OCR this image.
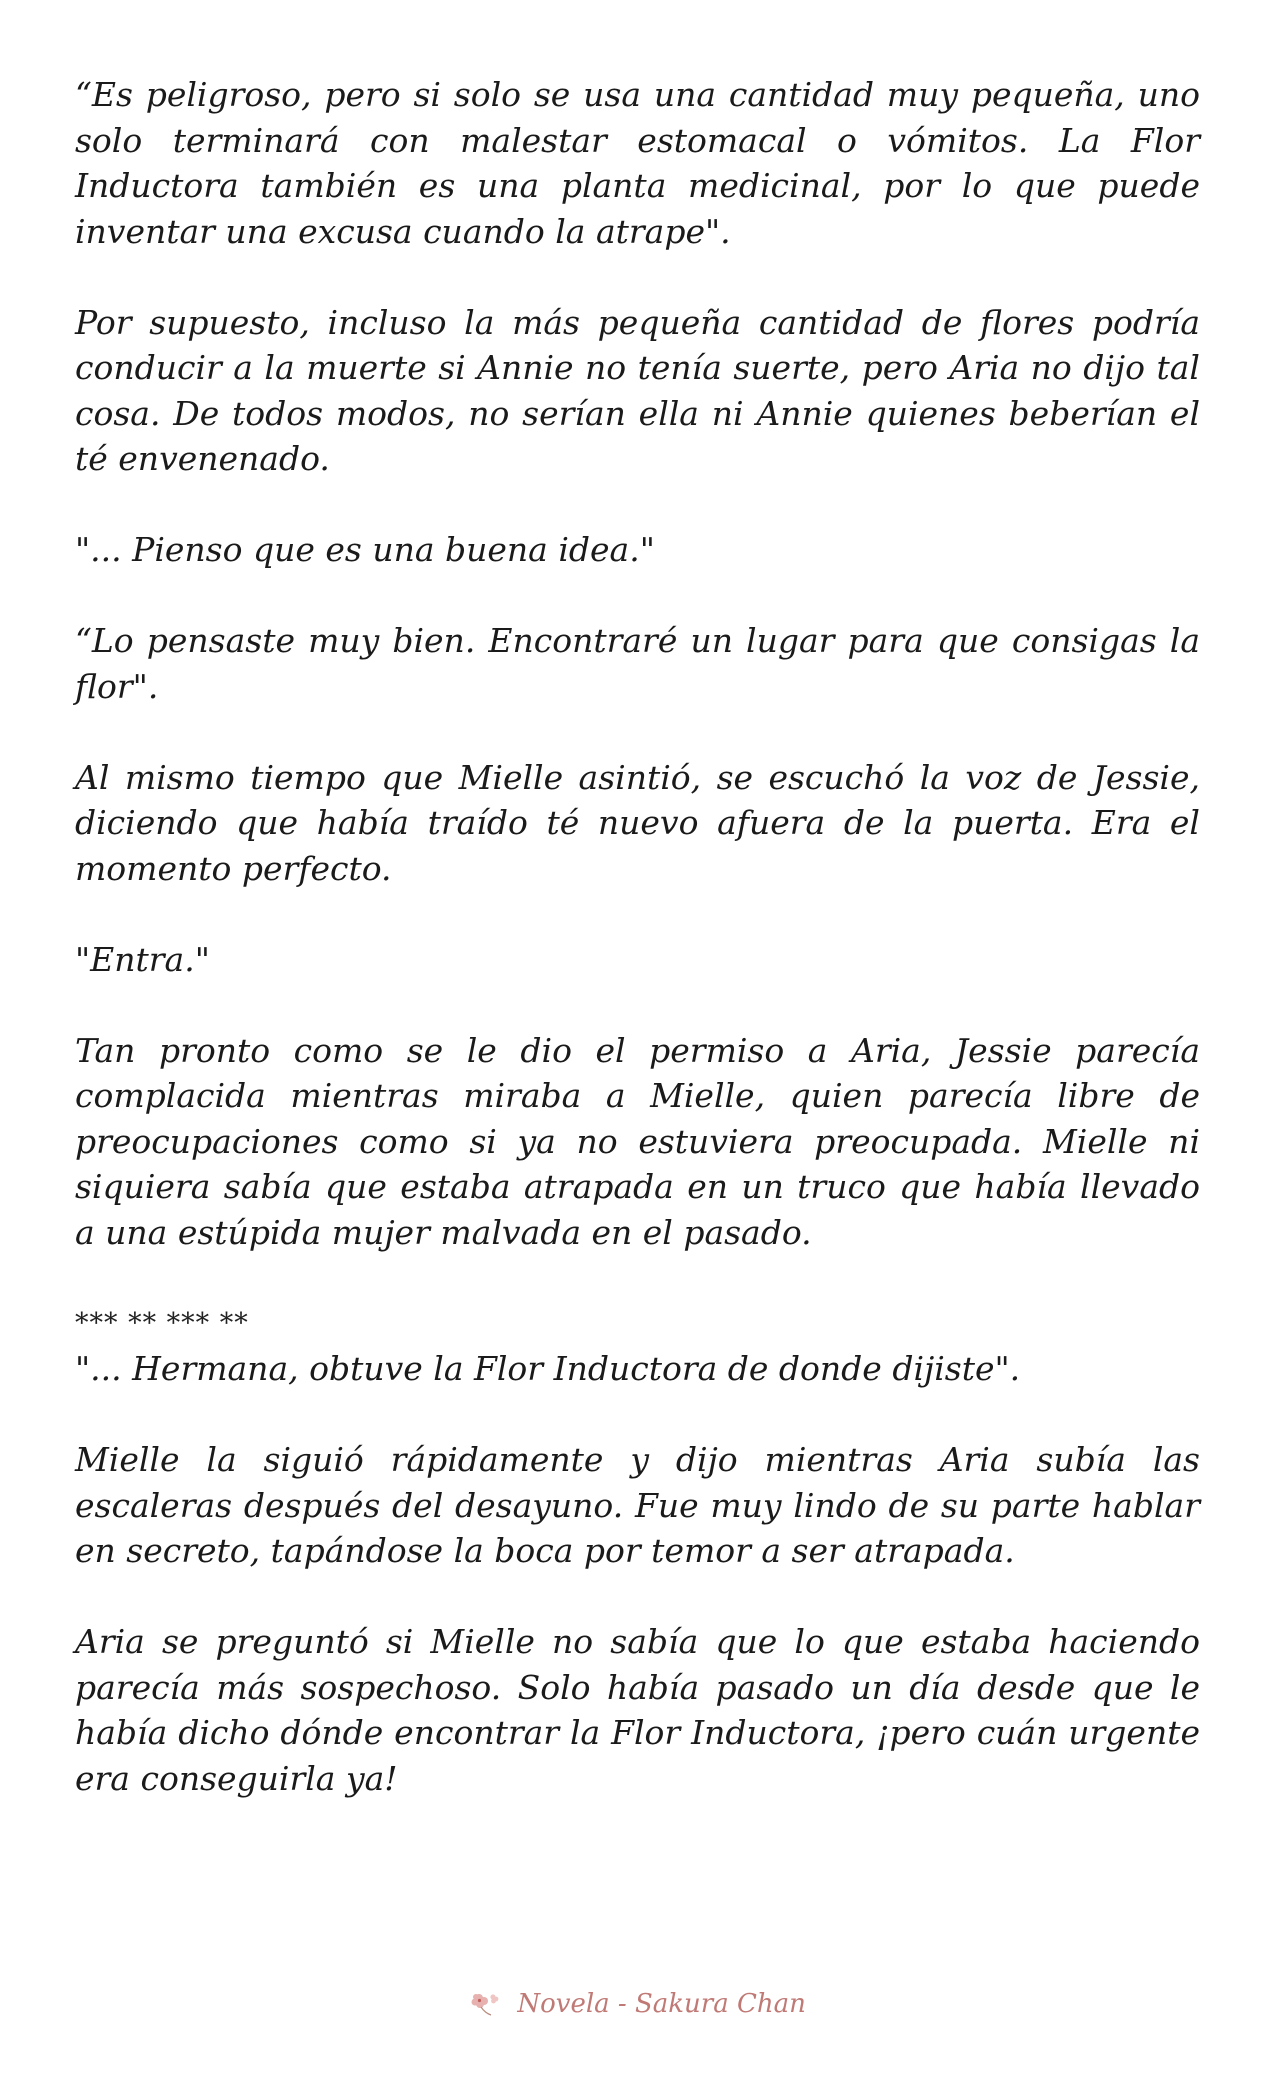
“Es peligroso, pero si solo se usa una cantidad muy pequeña, uno solo terminará con malestar estomacal o vómitos. La Flor Inductora también es una planta medicinal, por lo que puede inventar una excusa cuando la atrape".

Por supuesto, incluso la más pequeña cantidad de flores podría conducir a la muerte si Annie no tenía suerte, pero Aria no dijo tal cosa. De todos modos, no serían ella ni Annie quienes beberían el té envenenado.

"... Pienso que es una buena idea."

“Lo pensaste muy bien. Encontraré un lugar para que consigas la flor".

Al mismo tiempo que Mielle asintió, se escuchó la voz de Jessie, diciendo que había traído té nuevo afuera de la puerta. Era el momento perfecto.

"Entra."

Tan pronto como se le dio el permiso a Aria, Jessie parecía complacida mientras miraba a Mielle, quien parecía libre de preocupaciones como si ya no estuviera preocupada. Mielle ni siquiera sabía que estaba atrapada en un truco que había llevado a una estúpida mujer malvada en el pasado.

*** ** *** **

"... Hermana, obtuve la Flor Inductora de donde dijiste".

Mielle la siguió rápidamente y dijo mientras Aria subía las escaleras después del desayuno. Fue muy lindo de su parte hablar en secreto, tapándose la boca por temor a ser atrapada.

Aria se preguntó si Mielle no sabía que lo que estaba haciendo parecía más sospechoso. Solo había pasado un día desde que le había dicho dónde encontrar la Flor Inductora, ¡pero cuán urgente era conseguirla ya!

Novela - Sakura Chan
